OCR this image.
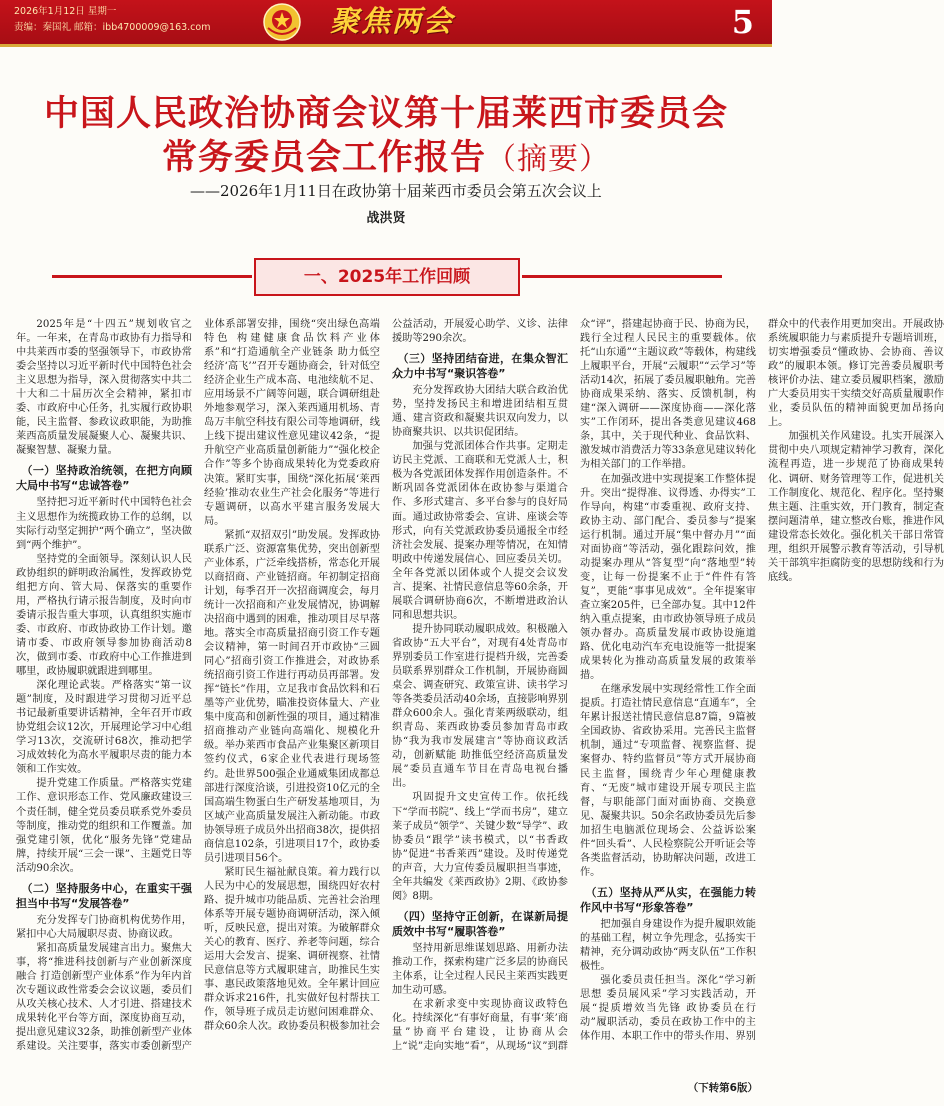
2026年1月12日 星期一
责编：秦国礼 邮箱：ibb4700009@163.com	聚焦两会	5
中国人民政治协商会议第十届莱西市委员会
常务委员会工作报告（摘要）
——2026年1月11日在政协第十届莱西市委员会第五次会议上
战洪贤
一、2025年工作回顾

2025年是“十四五”规划收官之年。一年来，在青岛市政协有力指导和中共莱西市委的坚强领导下，市政协常委会坚持以习近平新时代中国特色社会主义思想为指导，深入贯彻落实中共二十大和二十届历次全会精神，紧扣市委、市政府中心任务，扎实履行政协职能，民主监督、参政议政职能，为助推莱西高质量发展凝聚人心、凝聚共识、凝聚智慧、凝聚力量。

（一）坚持政治统领，在把方向顾大局中书写“忠诚答卷”

坚持把习近平新时代中国特色社会主义思想作为统揽政协工作的总纲，以实际行动坚定拥护“两个确立”，坚决做到“两个维护”。

坚持党的全面领导。深刻认识人民政协组织的鲜明政治属性，发挥政协党组把方向、管大局、保落实的重要作用，严格执行请示报告制度，及时向市委请示报告重大事项，认真组织实施市委、市政府、市政协政协工作计划。邀请市委、市政府领导参加协商活动8次，做到市委、市政府中心工作推进到哪里，政协履职就跟进到哪里。

深化理论武装。严格落实“第一议题”制度，及时跟进学习贯彻习近平总书记最新重要讲话精神，全年召开市政协党组会议12次，开展理论学习中心组学习13次，交流研讨68次，推动把学习成效转化为高水平履职尽责的能力本领和工作实效。

提升党建工作质量。严格落实党建工作、意识形态工作、党风廉政建设三个责任制，健全党员委员联系党外委员等制度，推动党的组织和工作覆盖。加强党建引领，优化“服务先锋”党建品牌，持续开展“三会一课”、主题党日等活动90余次。

（二）坚持服务中心，在重实干强担当中书写“发展答卷”

充分发挥专门协商机构优势作用，紧扣中心大局履职尽责、协商议政。

紧扣高质量发展建言出力。聚焦大事，将“推进科技创新与产业创新深度融合 打造创新型产业体系”作为年内首次专题议政性常委会会议议题，委员们从攻关核心技术、人才引进、搭建技术成果转化平台等方面，深度协商互动，提出意见建议32条，助推创新型产业体系建设。关注要事，落实市委创新型产业体系部署安排，围绕“突出绿色高端特色 构建健康食品饮料产业体系”和“打造通航全产业链条 助力低空经济‘高飞’”召开专题协商会，针对低空经济企业生产成本高、电池续航不足、应用场景不广阔等问题，联合调研组赴外地参观学习，深入莱西通用机场、青岛万丰航空科技有限公司等地调研，线上线下提出建议性意见建议42条，“提升航空产业高质量创新能力”“强化校企合作”等多个协商成果转化为党委政府决策。紧盯实事，围绕“深化拓展‘莱西经验’推动农业生产社会化服务”等进行专题调研，以高水平建言服务发展大局。

紧抓“双招双引”助发展。发挥政协联系广泛、资源富集优势，突出创新型产业体系，广泛牵线搭桥，常态化开展以商招商、产业链招商。年初制定招商计划，每季召开一次招商调度会，每月统计一次招商和产业发展情况，协调解决招商中遇到的困难，推动项目尽早落地。落实全市高质量招商引资工作专题会议精神，第一时间召开市政协“三圆同心”招商引资工作推进会，对政协系统招商引资工作进行再动员再部署。发挥“链长”作用，立足我市食品饮料和石墨等产业优势，瞄准投资体量大、产业集中度高和创新性强的项目，通过精准招商推动产业链向高端化、规模化升级。举办莱西市食品产业集聚区新项目签约仪式，6家企业代表进行现场签约。赴世界500强企业通威集团成都总部进行深度洽谈，引进投资10亿元的全国高端生物蛋白生产研发基地项目，为区域产业高质量发展注入新动能。市政协领导班子成员外出招商38次，提供招商信息102条，引进项目17个，政协委员引进项目56个。

紧盯民生福祉献良策。着力践行以人民为中心的发展思想，围绕四好农村路、提升城市功能品质、完善社会治理体系等开展专题协商调研活动，深入倾听，反映民意，提出对策。为破解群众关心的教育、医疗、养老等问题，综合运用大会发言、提案、调研视察、社情民意信息等方式履职建言，助推民生实事、惠民政策落地见效。全年累计回应群众诉求216件，扎实做好包村帮扶工作，领导班子成员走访慰问困难群众、群众60余人次。政协委员积极参加社会公益活动，开展爱心助学、义诊、法律援助等290余次。

（三）坚持团结奋进，在集众智汇众力中书写“聚识答卷”

充分发挥政协大团结大联合政治优势，坚持发扬民主和增进团结相互贯通、建言资政和凝聚共识双向发力，以协商聚共识、以共识促团结。

加强与党派团体合作共事。定期走访民主党派、工商联和无党派人士，积极为各党派团体发挥作用创造条件。不断巩固各党派团体在政协参与渠道合作、多形式建言、多平台参与的良好局面。通过政协常委会、宣讲、座谈会等形式，向有关党派政协委员通报全市经济社会发展、提案办理等情况，在知情明政中传递发展信心、回应委员关切。全年各党派以团体或个人提交会议发言、提案、社情民意信息等60余条，开展联合调研协商6次，不断增进政治认同和思想共识。

提升协同联动履职成效。积极融入省政协“五大平台”，对现有4处青岛市界别委员工作室进行提档升级，完善委员联系界别群众工作机制，开展协商圆桌会、调查研究、政策宣讲、读书学习等各类委员活动40余场，直接影响界别群众600余人。强化青莱两级联动，组织青岛、莱西政协委员参加青岛市政协“我为我市发展建言”等协商议政活动，创新赋能 助推低空经济高质量发展”委员直通车节目在青岛电视台播出。

巩固提升文史宣传工作。依托线下“学而书院”、线上“学而书房”，建立莱子成员“领学”、关键少数“导学”、政协委员“跟学”读书模式，以“书香政协”促进“书香莱西”建设。及时传递党的声音，大力宣传委员履职担当事迹，全年共编发《莱西政协》2期、《政协参阅》8期。

（四）坚持守正创新，在谋新局提质效中书写“履职答卷”

坚持用新思维谋划思路、用新办法推动工作，探索构建广泛多层的协商民主体系，让全过程人民民主莱西实践更加生动可感。

在求新求变中实现协商议政特色化。持续深化“有事好商量，有事‘莱’商量”协商平台建设，让协商从会上“说”走向实地“看”，从现场“议”到群众“评”，搭建起协商于民、协商为民，践行全过程人民民主的重要载体。依托“山东通”“主题议政”等载体，构建线上履职平台，开展“云履职”“云学习”等活动14次，拓展了委员履职触角。完善协商成果采纳、落实、反馈机制，构建“深入调研——深度协商——深化落实”工作闭环，提出各类意见建议468条，其中，关于现代种业、食品饮料、激发城市消费活力等33条意见建议转化为相关部门的工作举措。

在加强改进中实现提案工作整体提升。突出“提得准、议得透、办得实”工作导向，构建“市委重视、政府支持、政协主动、部门配合、委员参与”提案运行机制。通过开展“集中督办月”“面对面协商”等活动，强化跟踪问效，推动提案办理从“答复型”向“落地型”转变，让每一份提案不止于“件件有答复”，更能“事事见成效”。全年提案审查立案205件，已全部办复。其中12件纳入重点提案，由市政协领导班子成员领办督办。高质量发展市政协设施道路、优化电动汽车充电设施等一批提案成果转化为推动高质量发展的政策举措。

在继承发展中实现经常性工作全面提质。打造社情民意信息“直通车”，全年累计报送社情民意信息87篇，9篇被全国政协、省政协采用。完善民主监督机制，通过“专项监督、视察监督、提案督办、特约监督员”等方式开展协商民主监督，围绕青少年心理健康教育、“无废”城市建设开展专项民主监督，与职能部门面对面协商、交换意见、凝聚共识。50余名政协委员先后参加招生电脑派位现场会、公益诉讼案件“回头看”、人民检察院公开听证会等各类监督活动，协助解决问题，改进工作。

（五）坚持从严从实，在强能力转作风中书写“形象答卷”

把加强自身建设作为提升履职效能的基础工程，树立争先理念，弘扬实干精神，充分调动政协“两支队伍”工作积极性。

强化委员责任担当。深化“学习新思想 委员展风采”学习实践活动，开展“提质增效当先锋 政协委员在行动”履职活动，委员在政协工作中的主体作用、本职工作中的带头作用、界别群众中的代表作用更加突出。开展政协系统履职能力与素质提升专题培训班，切实增强委员“懂政协、会协商、善议政”的履职本领。修订完善委员履职考核评价办法、建立委员履职档案，激励广大委员用实干实绩交好高质量履职作业，委员队伍的精神面貌更加昂扬向上。

加强机关作风建设。扎实开展深入贯彻中央八项规定精神学习教育，深化流程再造，进一步规范了协商成果转化、调研、财务管理等工作，促进机关工作制度化、规范化、程序化。坚持聚焦主题、注重实效，开门教育，制定查摆问题清单，建立整改台账，推进作风建设常态长效化。强化机关干部日常管理，组织开展警示教育等活动，引导机关干部筑牢拒腐防变的思想防线和行为底线。

（下转第6版）
